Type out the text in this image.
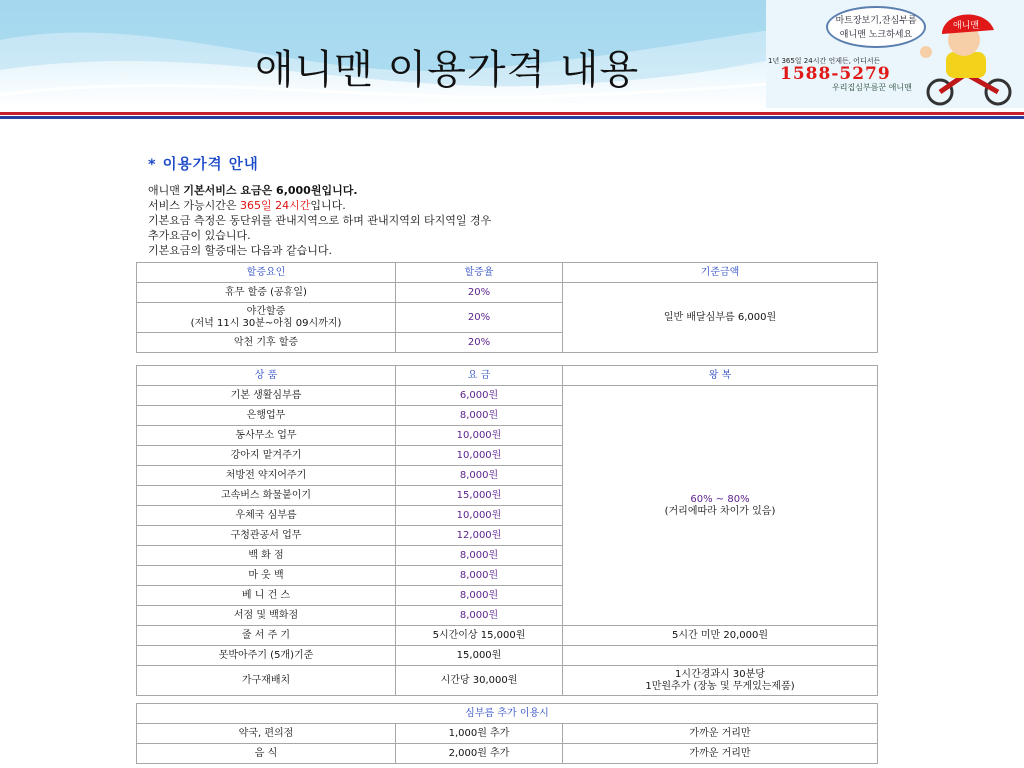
애니맨 이용가격 내용
마트장보기,잔심부름
애니맨 노크하세요
1년 365일 24시간 언제든, 어디서든
1588-5279
우리집심부름꾼 애니맨
애니맨
* 이용가격 안내
애니맨 기본서비스 요금은 6,000원입니다.
서비스 가능시간은 365일 24시간입니다.
기본요금 측정은 동단위를 관내지역으로 하며 관내지역외 타지역일 경우
추가요금이 있습니다.
기본요금의 할증대는 다음과 같습니다.
할증요인	할증율	기준금액
휴무 할증 (공휴일)	20%	일반 배달심부름 6,000원

야간할증
(저녁 11시 30분~아침 09시까지)	20%	
악천 기후 할증	20%	
상 품	요 금	왕 복
기본 생활심부름	6,000원	60% ~ 80%
(거리에따라 차이가 있음)

은행업무	8,000원	
동사무소 업무	10,000원	
강아지 맡겨주기	10,000원	
처방전 약지어주기	8,000원	
고속버스 화물붙이기	15,000원	
우체국 심부름	10,000원	
구청관공서 업무	12,000원	
백 화 점	8,000원	
마 웃 백	8,000원	
베 니 건 스	8,000원	
서점 및 백화점	8,000원	
줄 서 주 기	5시간이상 15,000원	5시간 미만 20,000원
못박아주기 (5개)기준	15,000원	
가구재배치	시간당 30,000원	1시간경과시 30분당
1만원추가 (장농 및 무게있는제품)
심부름 추가 이용시		
약국, 편의점	1,000원 추가	가까운 거리만
음 식	2,000원 추가	가까운 거리만
